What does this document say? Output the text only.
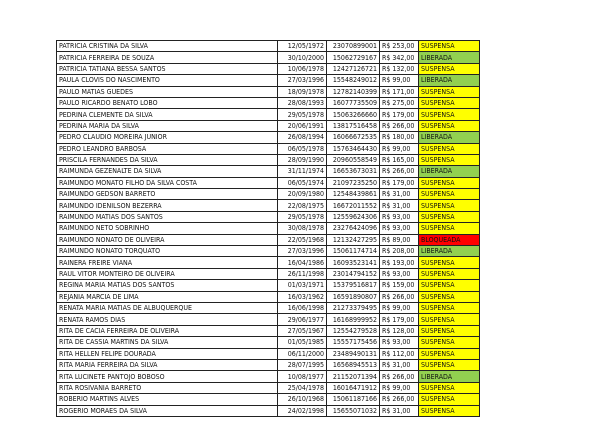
PATRICIA CRISTINA DA SILVA	12/05/1972	23070899001	R$ 253,00	SUSPENSA
PATRICIA FERREIRA DE SOUZA	30/10/2000	15062729167	R$ 342,00	LIBERADA
PATRICIA TATIANA BESSA SANTOS	10/06/1978	12427126721	R$ 132,00	SUSPENSA
PAULA CLOVIS DO NASCIMENTO	27/03/1996	15548249012	R$ 99,00	LIBERADA
PAULO MATIAS GUEDES	18/09/1978	12782140399	R$ 171,00	SUSPENSA
PAULO RICARDO BENATO LOBO	28/08/1993	16077735509	R$ 275,00	SUSPENSA
PEDRINA CLEMENTE DA SILVA	29/05/1978	15063266660	R$ 179,00	SUSPENSA
PEDRINA MARIA DA SILVA	20/06/1991	13817516458	R$ 266,00	SUSPENSA
PEDRO CLAUDIO MOREIRA JUNIOR	26/08/1994	16066672535	R$ 180,00	LIBERADA
PEDRO LEANDRO BARBOSA	06/05/1978	15763464430	R$ 99,00	SUSPENSA
PRISCILA FERNANDES DA SILVA	28/09/1990	20960558549	R$ 165,00	SUSPENSA
RAIMUNDA GEZENALTE DA SILVA	31/11/1974	16653673031	R$ 266,00	LIBERADA
RAIMUNDO MONATO FILHO DA SILVA COSTA	06/05/1974	21097235250	R$ 179,00	SUSPENSA
RAIMUNDO GEDSON BARRETO	20/09/1980	12548439861	R$ 31,00	SUSPENSA
RAIMUNDO IDENILSON BEZERRA	22/08/1975	16672011552	R$ 31,00	SUSPENSA
RAIMUNDO MATIAS DOS SANTOS	29/05/1978	12559624306	R$ 93,00	SUSPENSA
RAIMUNDO NETO SOBRINHO	30/08/1978	23276424096	R$ 93,00	SUSPENSA
RAIMUNDO NONATO DE OLIVEIRA	22/05/1968	12132427295	R$ 89,00	BLOQUEADA
RAIMUNDO NONATO TORQUATO	27/03/1996	15061174714	R$ 208,00	LIBERADA
RAINERA FREIRE VIANA	16/04/1986	16093523141	R$ 193,00	SUSPENSA
RAUL VITOR MONTEIRO DE OLIVEIRA	26/11/1998	23014794152	R$ 93,00	SUSPENSA
REGINA MARIA MATIAS DOS SANTOS	01/03/1971	15379516817	R$ 159,00	SUSPENSA
REJANIA MARCIA DE LIMA	16/03/1962	16591890807	R$ 266,00	SUSPENSA
RENATA MARIA MATIAS DE ALBUQUERQUE	16/06/1998	21273379495	R$ 99,00	SUSPENSA
RENATA RAMOS DIAS	29/06/1977	16168999952	R$ 179,00	SUSPENSA
RITA DE CACIA FERREIRA DE OLIVEIRA	27/05/1967	12554279528	R$ 128,00	SUSPENSA
RITA DE CASSIA MARTINS DA SILVA	01/05/1985	15557175456	R$ 93,00	SUSPENSA
RITA HELLEN FELIPE DOURADA	06/11/2000	23489490131	R$ 112,00	SUSPENSA
RITA MARIA FERREIRA DA SILVA	28/07/1995	16568945513	R$ 31,00	SUSPENSA
RITA LUCINETE PANTOJO BOBOSO	10/08/1977	21152071394	R$ 266,00	LIBERADA
RITA ROSIVANIA BARRETO	25/04/1978	16016471912	R$ 99,00	SUSPENSA
ROBERIO MARTINS ALVES	26/10/1968	15061187166	R$ 266,00	SUSPENSA
ROGERIO MORAES DA SILVA	24/02/1998	15655071032	R$ 31,00	SUSPENSA
